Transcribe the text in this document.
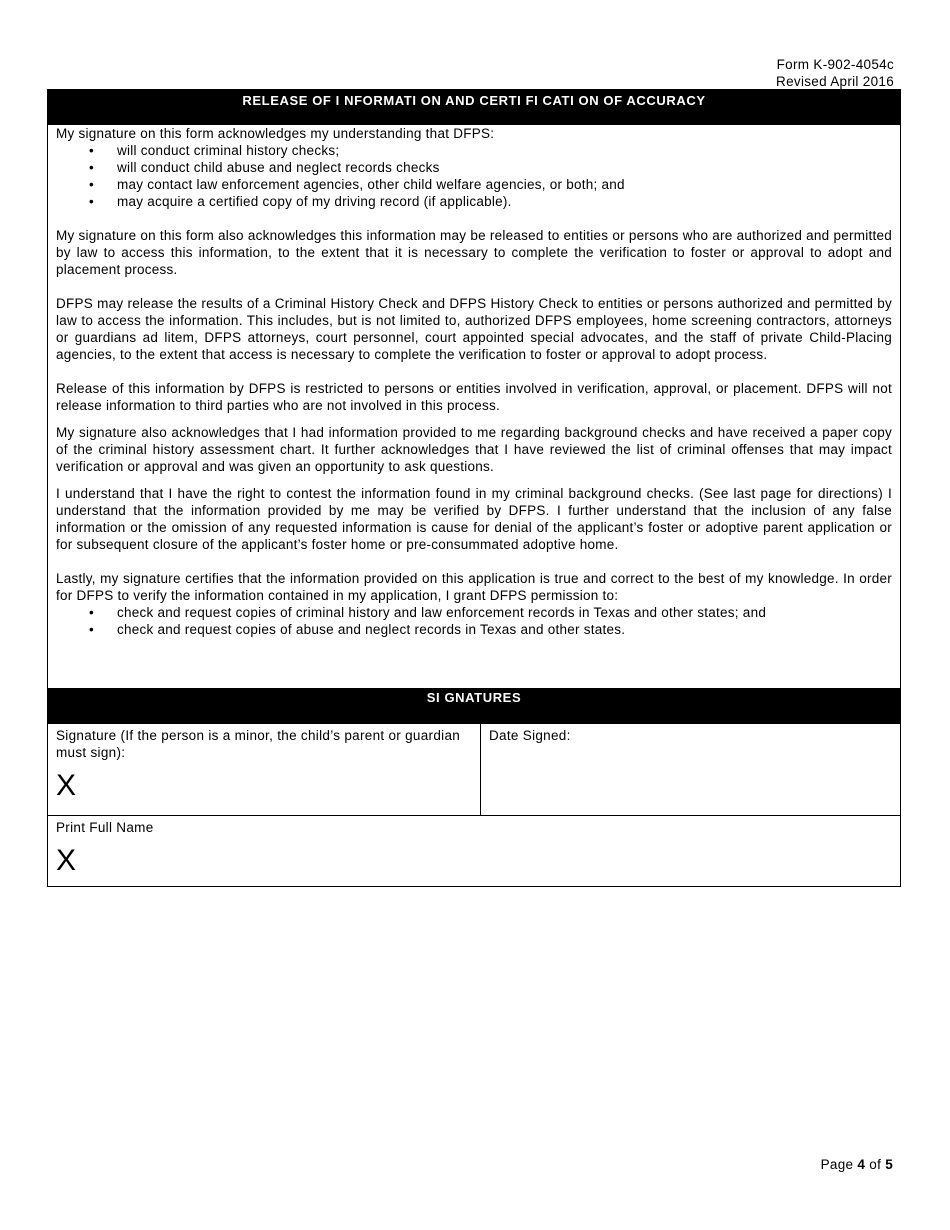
Form K-902-4054c
Revised April 2016
RELEASE OF I NFORMATI ON AND CERTI FI CATI ON OF ACCURACY

My signature on this form acknowledges my understanding that DFPS:

• will conduct criminal history checks;
• will conduct child abuse and neglect records checks
• may contact law enforcement agencies, other child welfare agencies, or both; and
• may acquire a certified copy of my driving record (if applicable).

My signature on this form also acknowledges this information may be released to entities or persons who are authorized and permitted by law to access this information, to the extent that it is necessary to complete the verification to foster or approval to adopt and placement process.

DFPS may release the results of a Criminal History Check and DFPS History Check to entities or persons authorized and permitted by law to access the information. This includes, but is not limited to, authorized DFPS employees, home screening contractors, attorneys or guardians ad litem, DFPS attorneys, court personnel, court appointed special advocates, and the staff of private Child-Placing agencies, to the extent that access is necessary to complete the verification to foster or approval to adopt process.

Release of this information by DFPS is restricted to persons or entities involved in verification, approval, or placement. DFPS will not release information to third parties who are not involved in this process.

My signature also acknowledges that I had information provided to me regarding background checks and have received a paper copy of the criminal history assessment chart. It further acknowledges that I have reviewed the list of criminal offenses that may impact verification or approval and was given an opportunity to ask questions.

I understand that I have the right to contest the information found in my criminal background checks. (See last page for directions) I understand that the information provided by me may be verified by DFPS. I further understand that the inclusion of any false information or the omission of any requested information is cause for denial of the applicant’s foster or adoptive parent application or for subsequent closure of the applicant’s foster home or pre-consummated adoptive home.

Lastly, my signature certifies that the information provided on this application is true and correct to the best of my knowledge. In order for DFPS to verify the information contained in my application, I grant DFPS permission to:

• check and request copies of criminal history and law enforcement records in Texas and other states; and
• check and request copies of abuse and neglect records in Texas and other states.
SI GNATURES
Signature (If the person is a minor, the child’s parent or guardian must sign):
X
Date Signed:
Print Full Name
X
Page 4 of 5
